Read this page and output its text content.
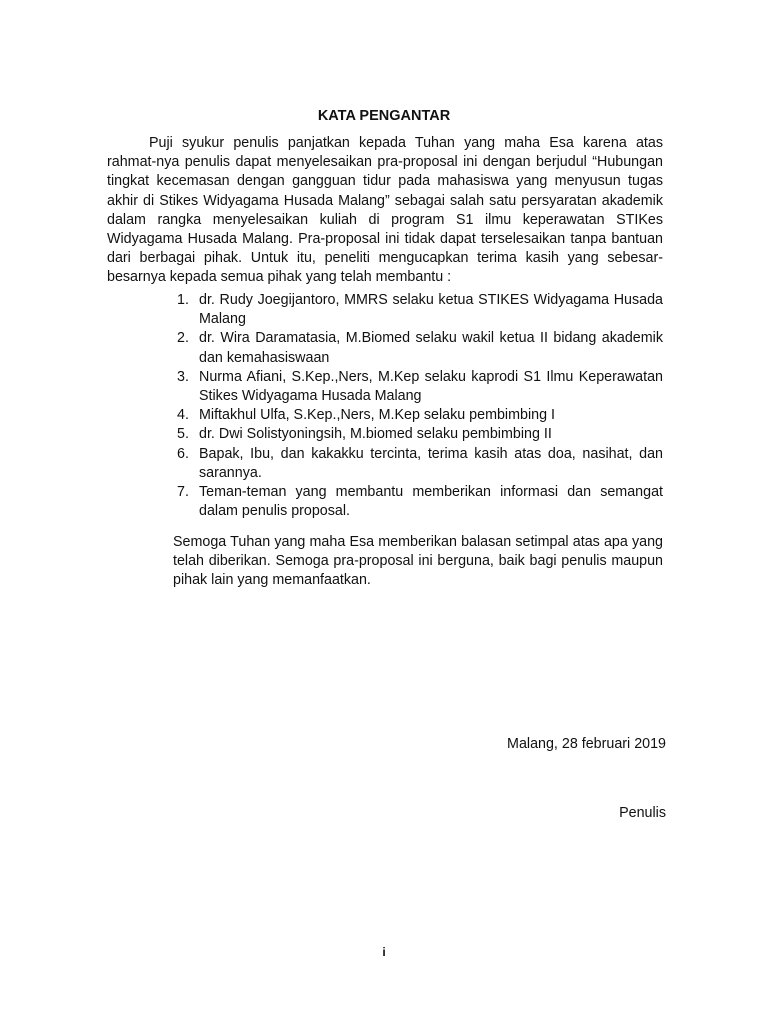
KATA PENGANTAR

Puji syukur penulis panjatkan kepada Tuhan yang maha Esa karena atas rahmat-nya penulis dapat menyelesaikan pra-proposal ini dengan berjudul “Hubungan tingkat kecemasan dengan gangguan tidur pada mahasiswa yang menyusun tugas akhir di Stikes Widyagama Husada Malang” sebagai salah satu persyaratan akademik dalam rangka menyelesaikan kuliah di program S1 ilmu keperawatan STIKes Widyagama Husada Malang. Pra-proposal ini tidak dapat terselesaikan tanpa bantuan dari berbagai pihak. Untuk itu, peneliti mengucapkan terima kasih yang sebesar-besarnya kepada semua pihak yang telah membantu :

1. dr. Rudy Joegijantoro, MMRS selaku ketua STIKES Widyagama Husada Malang
2. dr. Wira Daramatasia, M.Biomed selaku wakil ketua II bidang akademik dan kemahasiswaan
3. Nurma Afiani, S.Kep.,Ners, M.Kep selaku kaprodi S1 Ilmu Keperawatan Stikes Widyagama Husada Malang
4. Miftakhul Ulfa, S.Kep.,Ners, M.Kep selaku pembimbing I
5. dr. Dwi Solistyoningsih, M.biomed selaku pembimbing II
6. Bapak, Ibu, dan kakakku tercinta, terima kasih atas doa, nasihat, dan sarannya.
7. Teman-teman yang membantu memberikan informasi dan semangat dalam penulis proposal.

Semoga Tuhan yang maha Esa memberikan balasan setimpal atas apa yang telah diberikan. Semoga pra-proposal ini berguna, baik bagi penulis maupun pihak lain yang memanfaatkan.

Malang, 28 februari 2019
Penulis
i
